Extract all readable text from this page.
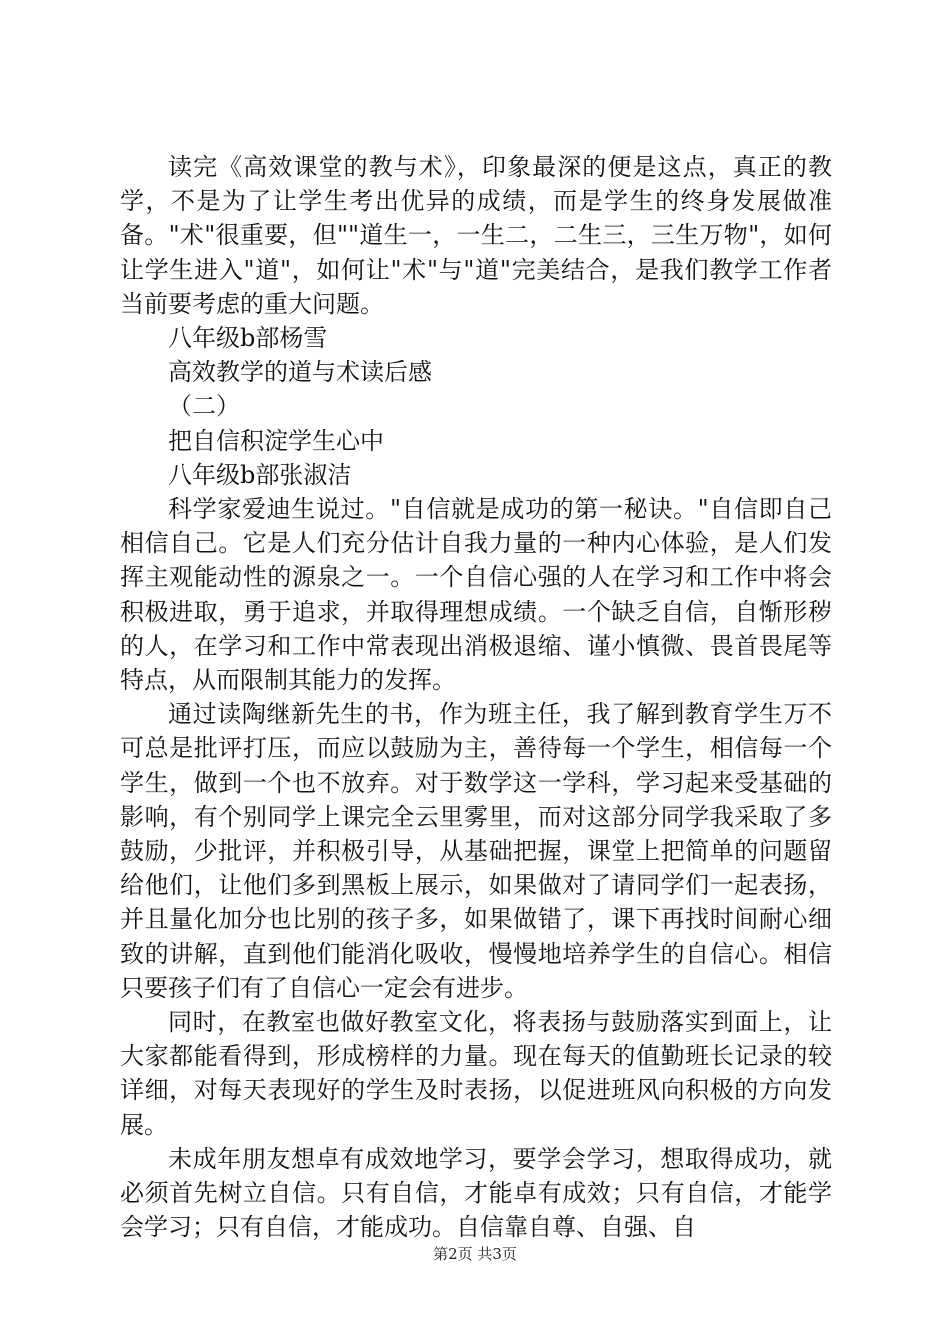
读完《高效课堂的教与术》，印象最深的便是这点，真正的教学，不是为了让学生考出优异的成绩，而是学生的终身发展做准备。"术"很重要，但""道生一，一生二，二生三，三生万物"，如何让学生进入"道"，如何让"术"与"道"完美结合，是我们教学工作者当前要考虑的重大问题。

八年级b部杨雪

高效教学的道与术读后感

（二）

把自信积淀学生心中

八年级b部张淑洁

科学家爱迪生说过。"自信就是成功的第一秘诀。"自信即自己相信自己。它是人们充分估计自我力量的一种内心体验，是人们发挥主观能动性的源泉之一。一个自信心强的人在学习和工作中将会积极进取，勇于追求，并取得理想成绩。一个缺乏自信，自惭形秽的人，在学习和工作中常表现出消极退缩、谨小慎微、畏首畏尾等特点，从而限制其能力的发挥。

通过读陶继新先生的书，作为班主任，我了解到教育学生万不可总是批评打压，而应以鼓励为主，善待每一个学生，相信每一个学生，做到一个也不放弃。对于数学这一学科，学习起来受基础的影响，有个别同学上课完全云里雾里，而对这部分同学我采取了多鼓励，少批评，并积极引导，从基础把握，课堂上把简单的问题留给他们，让他们多到黑板上展示，如果做对了请同学们一起表扬，并且量化加分也比别的孩子多，如果做错了，课下再找时间耐心细致的讲解，直到他们能消化吸收，慢慢地培养学生的自信心。相信只要孩子们有了自信心一定会有进步。

同时，在教室也做好教室文化，将表扬与鼓励落实到面上，让大家都能看得到，形成榜样的力量。现在每天的值勤班长记录的较详细，对每天表现好的学生及时表扬，以促进班风向积极的方向发展。

未成年朋友想卓有成效地学习，要学会学习，想取得成功，就必须首先树立自信。只有自信，才能卓有成效；只有自信，才能学会学习；只有自信，才能成功。自信靠自尊、自强、自

第2页 共3页
